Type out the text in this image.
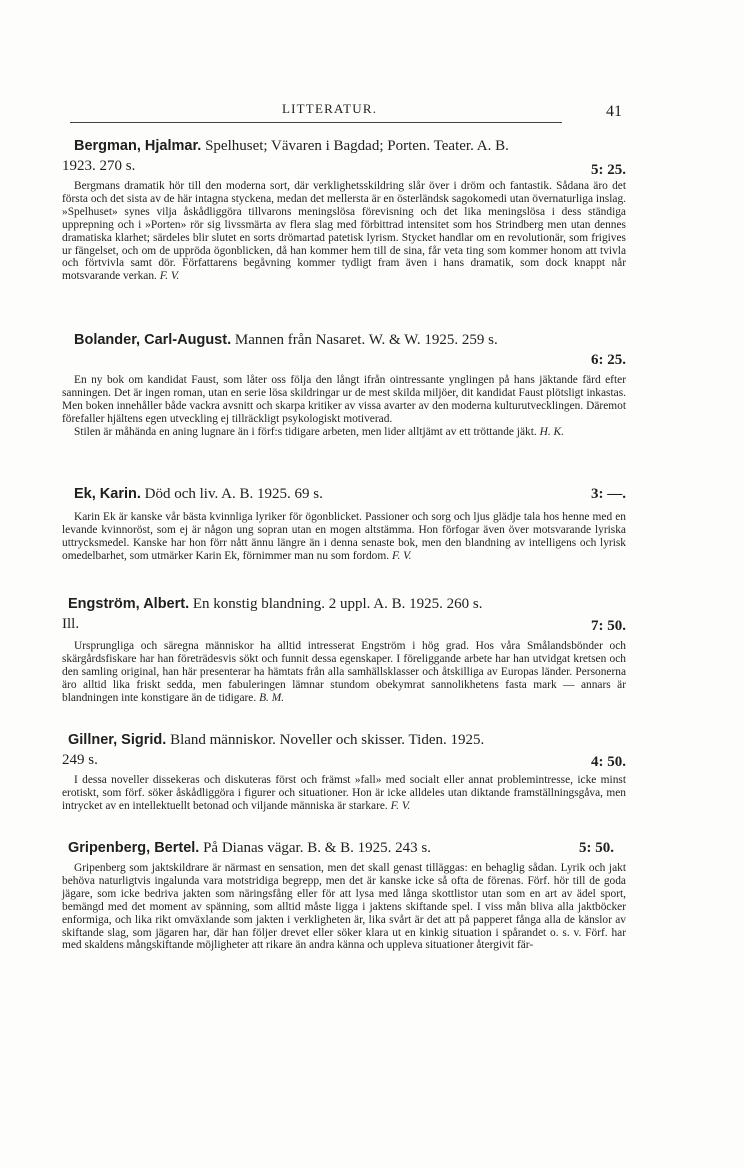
LITTERATUR.	41
Bergman, Hjalmar. Spelhuset; Vävaren i Bagdad; Porten. Teater. A. B.
1923. 270 s.	5: 25.
Bergmans dramatik hör till den moderna sort, där verklighetsskildring slår över i dröm och fantastik. Sådana äro det första och det sista av de här intagna styckena, medan det mellersta är en österländsk sagokomedi utan övernaturliga inslag. »Spelhuset» synes vilja åskådliggöra tillvarons meningslösa förevisning och det lika meningslösa i dess ständiga upprepning och i »Porten» rör sig livssmärta av flera slag med förbittrad intensitet som hos Strindberg men utan dennes dramatiska klarhet; särdeles blir slutet en sorts drömartad patetisk lyrism. Stycket handlar om en revolutionär, som frigives ur fängelset, och om de uppröda ögonblicken, då han kommer hem till de sina, får veta ting som kommer honom att tvivla och förtvivla samt dör. Författarens begåvning kommer tydligt fram även i hans dramatik, som dock knappt når motsvarande verkan. F. V.
Bolander, Carl-August. Mannen från Nasaret. W. & W. 1925. 259 s.
6: 25.

En ny bok om kandidat Faust, som låter oss följa den långt ifrån ointressante ynglingen på hans jäktande färd efter sanningen. Det är ingen roman, utan en serie lösa skildringar ur de mest skilda miljöer, dit kandidat Faust plötsligt inkastas. Men boken innehåller både vackra avsnitt och skarpa kritiker av vissa avarter av den moderna kulturutvecklingen. Däremot förefaller hjältens egen utveckling ej tillräckligt psykologiskt motiverad.

Stilen är måhända en aning lugnare än i förf:s tidigare arbeten, men lider alltjämt av ett tröttande jäkt. H. K.

Ek, Karin. Död och liv. A. B. 1925. 69 s.	3: —.
Karin Ek är kanske vår bästa kvinnliga lyriker för ögonblicket. Passioner och sorg och ljus glädje tala hos henne med en levande kvinnoröst, som ej är någon ung sopran utan en mogen altstämma. Hon förfogar även över motsvarande lyriska uttrycksmedel. Kanske har hon förr nått ännu längre än i denna senaste bok, men den blandning av intelligens och lyrisk omedelbarhet, som utmärker Karin Ek, förnimmer man nu som fordom. F. V.
Engström, Albert. En konstig blandning. 2 uppl. A. B. 1925. 260 s.
Ill.	7: 50.
Ursprungliga och säregna människor ha alltid intresserat Engström i hög grad. Hos våra Smålandsbönder och skärgårdsfiskare har han företrädesvis sökt och funnit dessa egenskaper. I föreliggande arbete har han utvidgat kretsen och den samling original, han här presenterar ha hämtats från alla samhällsklasser och åtskilliga av Europas länder. Personerna äro alltid lika friskt sedda, men fabuleringen lämnar stundom obekymrat sannolikhetens fasta mark — annars är blandningen inte konstigare än de tidigare. B. M.
Gillner, Sigrid. Bland människor. Noveller och skisser. Tiden. 1925.
249 s.	4: 50.
I dessa noveller dissekeras och diskuteras först och främst »fall» med socialt eller annat problemintresse, icke minst erotiskt, som förf. söker åskådliggöra i figurer och situationer. Hon är icke alldeles utan diktande framställningsgåva, men intrycket av en intellektuellt betonad och viljande människa är starkare. F. V.
Gripenberg, Bertel. På Dianas vägar. B. & B. 1925. 243 s.	5: 50.
Gripenberg som jaktskildrare är närmast en sensation, men det skall genast tilläggas: en behaglig sådan. Lyrik och jakt behöva naturligtvis ingalunda vara motstridiga begrepp, men det är kanske icke så ofta de förenas. Förf. hör till de goda jägare, som icke bedriva jakten som näringsfång eller för att lysa med långa skottlistor utan som en art av ädel sport, bemängd med det moment av spänning, som alltid måste ligga i jaktens skiftande spel. I viss mån bliva alla jaktböcker enformiga, och lika rikt omväxlande som jakten i verkligheten är, lika svårt är det att på papperet fånga alla de känslor av skiftande slag, som jägaren har, där han följer drevet eller söker klara ut en kinkig situation i spårandet o. s. v. Förf. har med skaldens mångskiftande möjligheter att rikare än andra känna och uppleva situationer återgivit fär-
